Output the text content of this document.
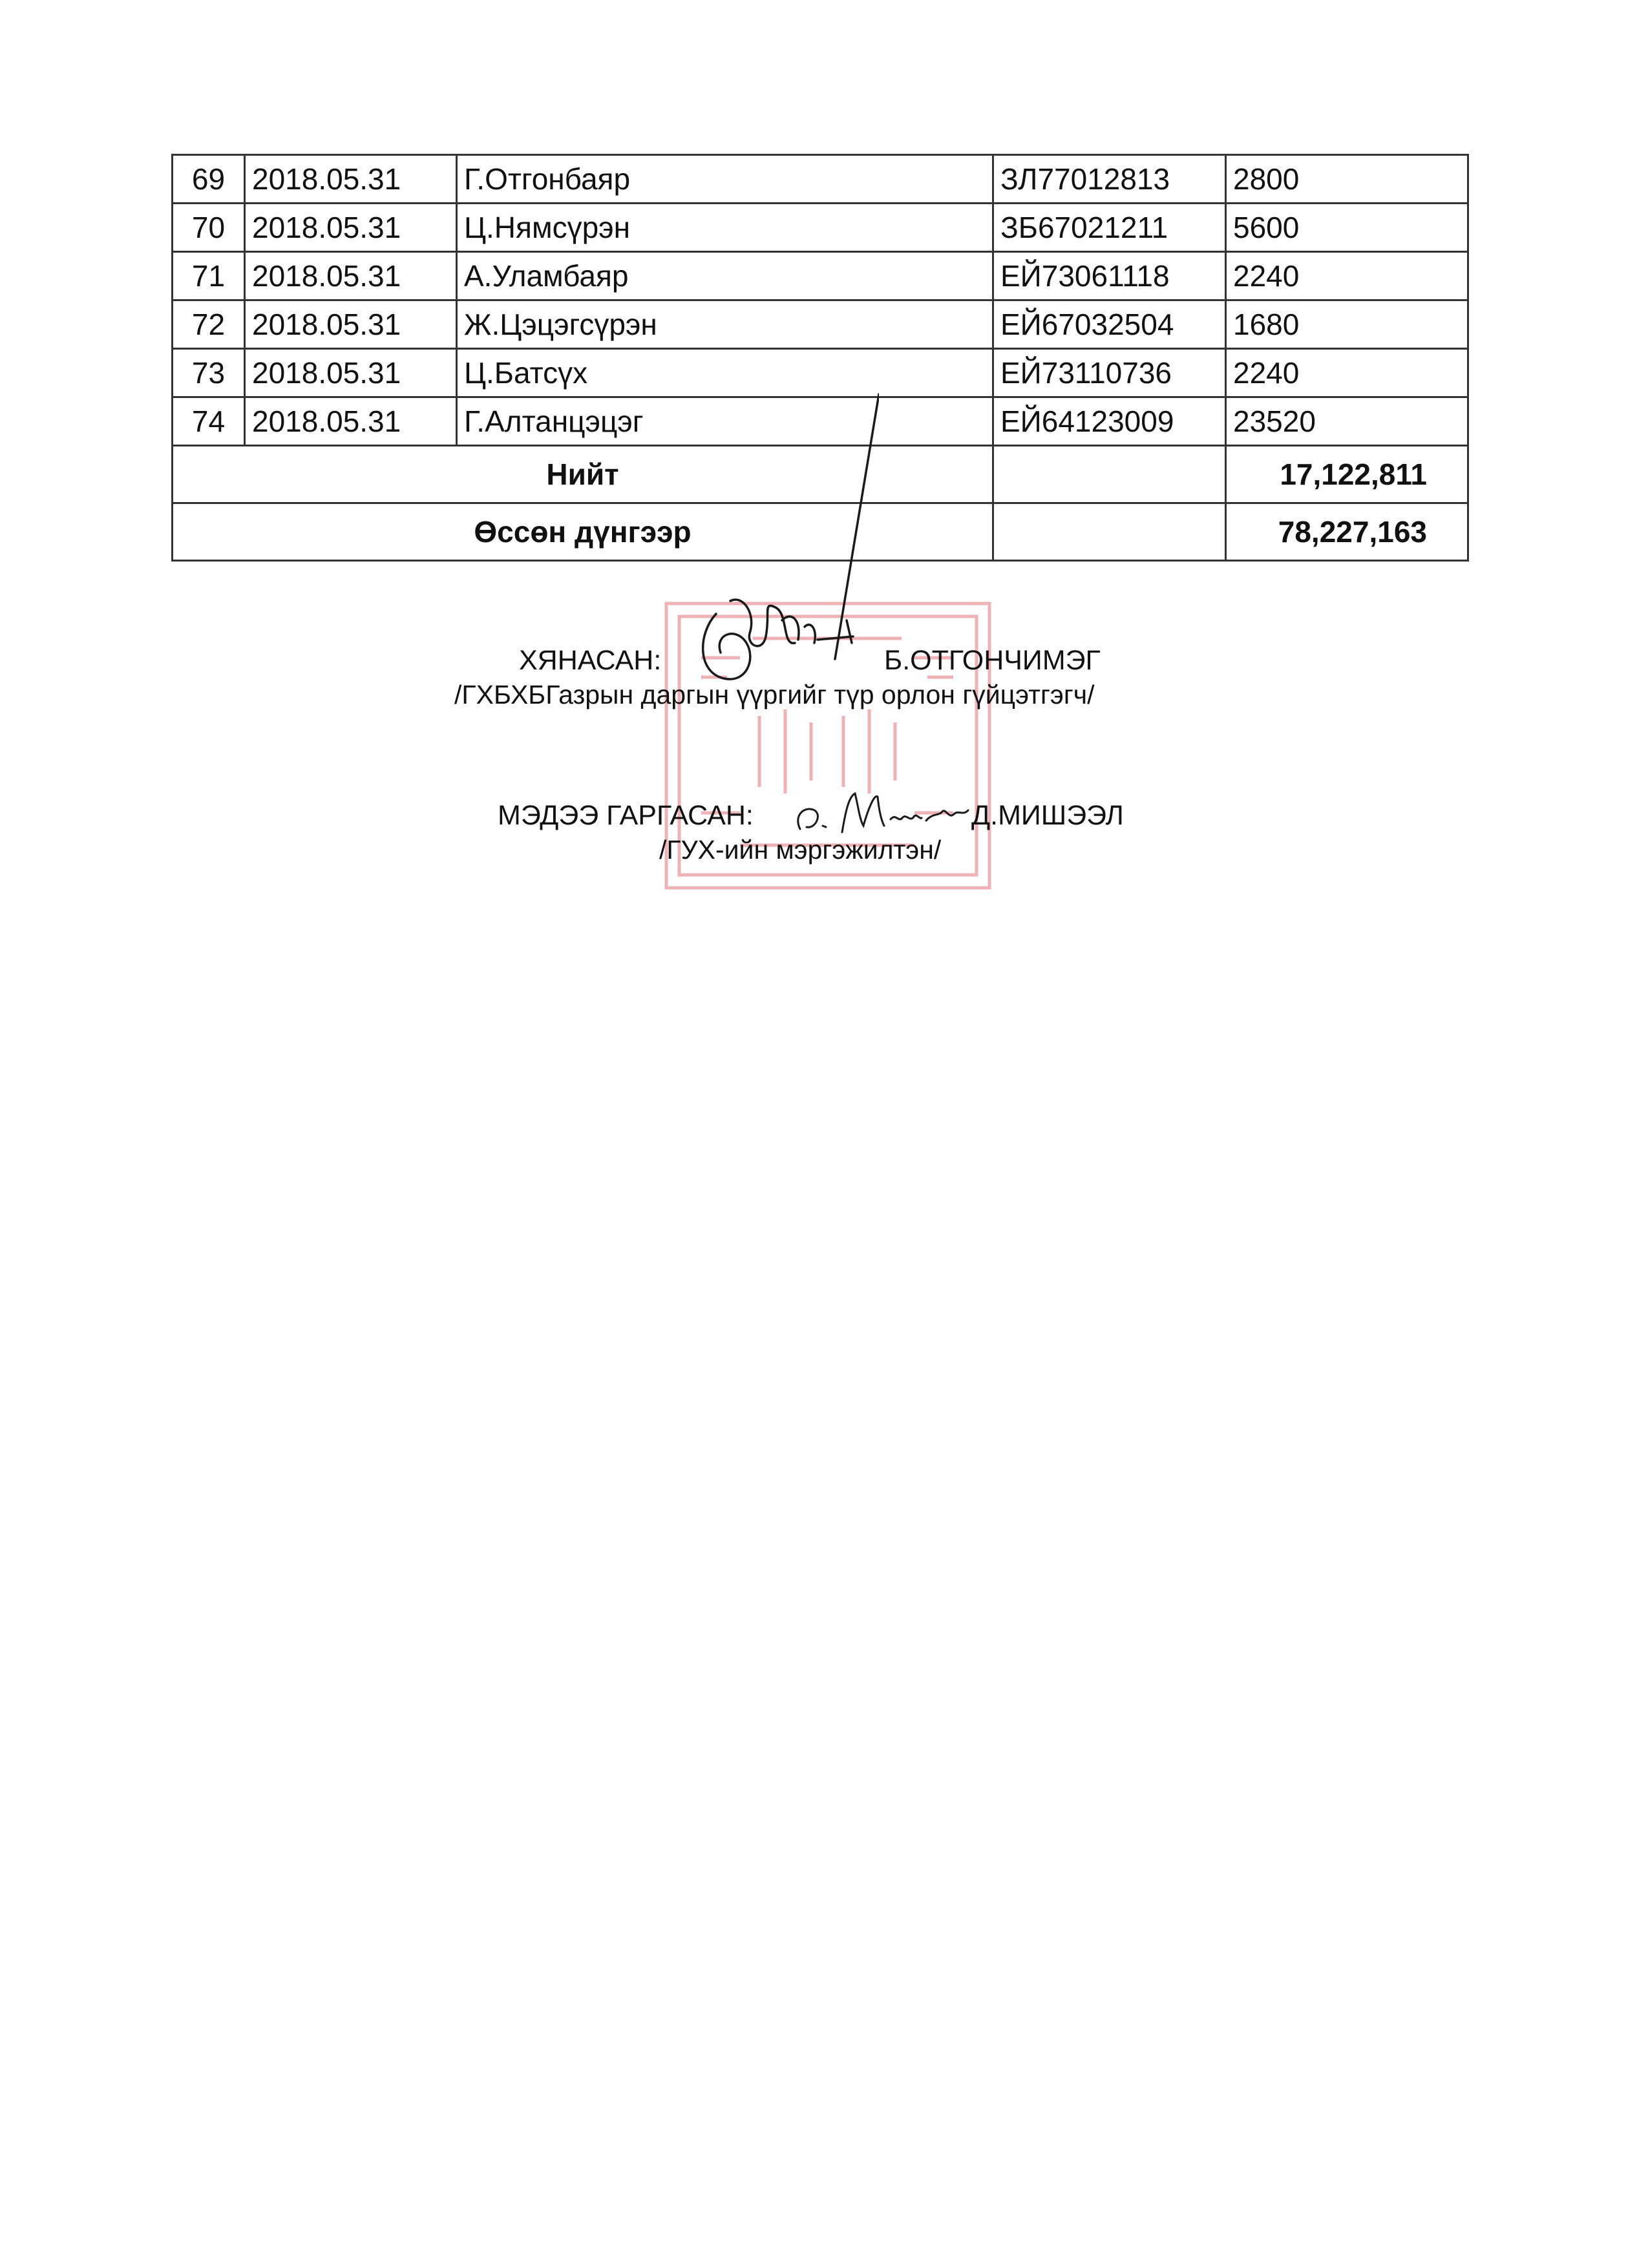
69	2018.05.31	Г.Отгонбаяр	ЗЛ77012813	2800
70	2018.05.31	Ц.Нямсүрэн	ЗБ67021211	5600
71	2018.05.31	А.Уламбаяр	ЕЙ73061118	2240
72	2018.05.31	Ж.Цэцэгсүрэн	ЕЙ67032504	1680
73	2018.05.31	Ц.Батсүх	ЕЙ73110736	2240
74	2018.05.31	Г.Алтанцэцэг	ЕЙ64123009	23520
Нийт				17,122,811
Өссөн дүнгээр				78,227,163
ХЯНАСАН:	Б.ОТГОНЧИМЭГ
/ГХБХБГазрын даргын үүргийг түр орлон гүйцэтгэгч/
МЭДЭЭ ГАРГАСАН:	Д.МИШЭЭЛ
/ГУХ-ийн мэргэжилтэн/
